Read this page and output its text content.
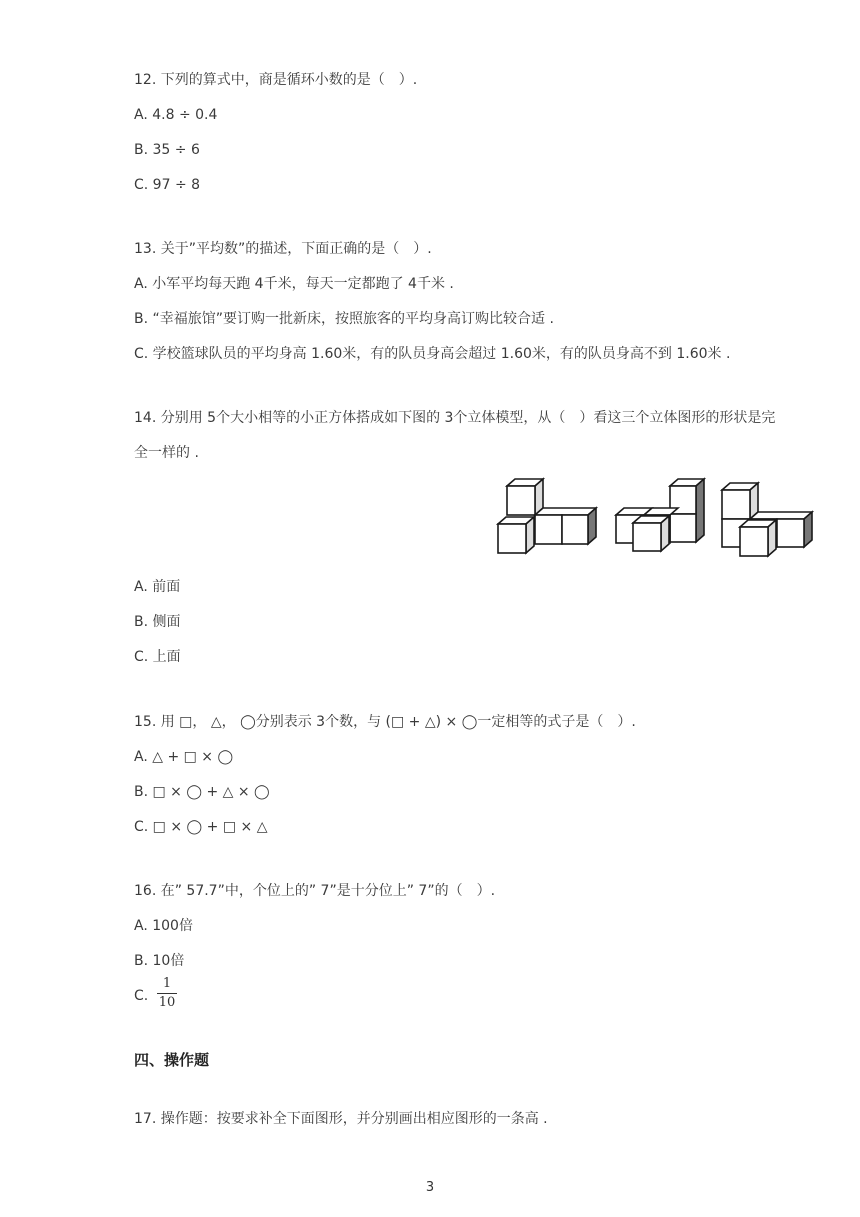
12. 下列的算式中，商是循环小数的是（　）.
A. 4.8 ÷ 0.4
B. 35 ÷ 6
C. 97 ÷ 8
13. 关于”平均数”的描述，下面正确的是（　）.
A. 小军平均每天跑 4千米，每天一定都跑了 4千米 .
B. “幸福旅馆”要订购一批新床，按照旅客的平均身高订购比较合适 .
C. 学校篮球队员的平均身高 1.60米，有的队员身高会超过 1.60米，有的队员身高不到 1.60米 .
14. 分别用 5个大小相等的小正方体搭成如下图的 3个立体模型，从（　）看这三个立体图形的形状是完
全一样的 .
A. 前面
B. 侧面
C. 上面
15. 用 □， △， ◯分别表示 3个数，与 (□ + △) × ◯一定相等的式子是（　）.
A. △ + □ × ◯
B. □ × ◯ + △ × ◯
C. □ × ◯ + □ × △
16. 在” 57.7”中，个位上的” 7”是十分位上” 7”的（　）.
A. 100倍
B. 10倍
C.
1
10
四、操作题
17. 操作题：按要求补全下面图形，并分别画出相应图形的一条高 .
3
